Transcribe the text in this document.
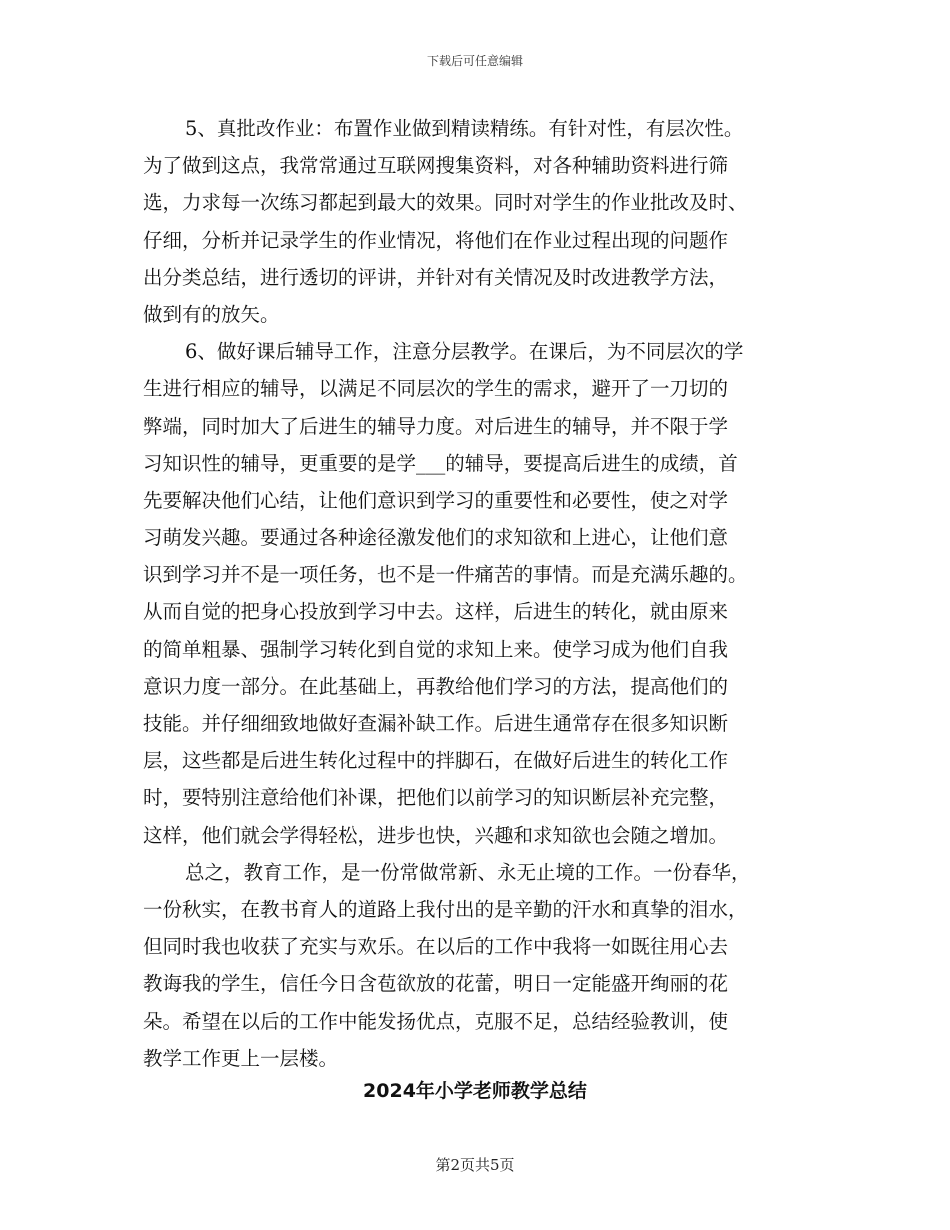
下载后可任意编辑
5、真批改作业：布置作业做到精读精练。有针对性，有层次性。
为了做到这点，我常常通过互联网搜集资料，对各种辅助资料进行筛
选，力求每一次练习都起到最大的效果。同时对学生的作业批改及时、
仔细，分析并记录学生的作业情况，将他们在作业过程出现的问题作
出分类总结，进行透切的评讲，并针对有关情况及时改进教学方法，
做到有的放矢。
6、做好课后辅导工作，注意分层教学。在课后，为不同层次的学
生进行相应的辅导，以满足不同层次的学生的需求，避开了一刀切的
弊端，同时加大了后进生的辅导力度。对后进生的辅导，并不限于学
习知识性的辅导，更重要的是学___的辅导，要提高后进生的成绩，首
先要解决他们心结，让他们意识到学习的重要性和必要性，使之对学
习萌发兴趣。要通过各种途径激发他们的求知欲和上进心，让他们意
识到学习并不是一项任务，也不是一件痛苦的事情。而是充满乐趣的。
从而自觉的把身心投放到学习中去。这样，后进生的转化，就由原来
的简单粗暴、强制学习转化到自觉的求知上来。使学习成为他们自我
意识力度一部分。在此基础上，再教给他们学习的方法，提高他们的
技能。并仔细细致地做好查漏补缺工作。后进生通常存在很多知识断
层，这些都是后进生转化过程中的拌脚石，在做好后进生的转化工作
时，要特别注意给他们补课，把他们以前学习的知识断层补充完整，
这样，他们就会学得轻松，进步也快，兴趣和求知欲也会随之增加。
总之，教育工作，是一份常做常新、永无止境的工作。一份春华，
一份秋实，在教书育人的道路上我付出的是辛勤的汗水和真挚的泪水，
但同时我也收获了充实与欢乐。在以后的工作中我将一如既往用心去
教诲我的学生，信任今日含苞欲放的花蕾，明日一定能盛开绚丽的花
朵。希望在以后的工作中能发扬优点，克服不足，总结经验教训，使
教学工作更上一层楼。
2024年小学老师教学总结
第2页共5页
